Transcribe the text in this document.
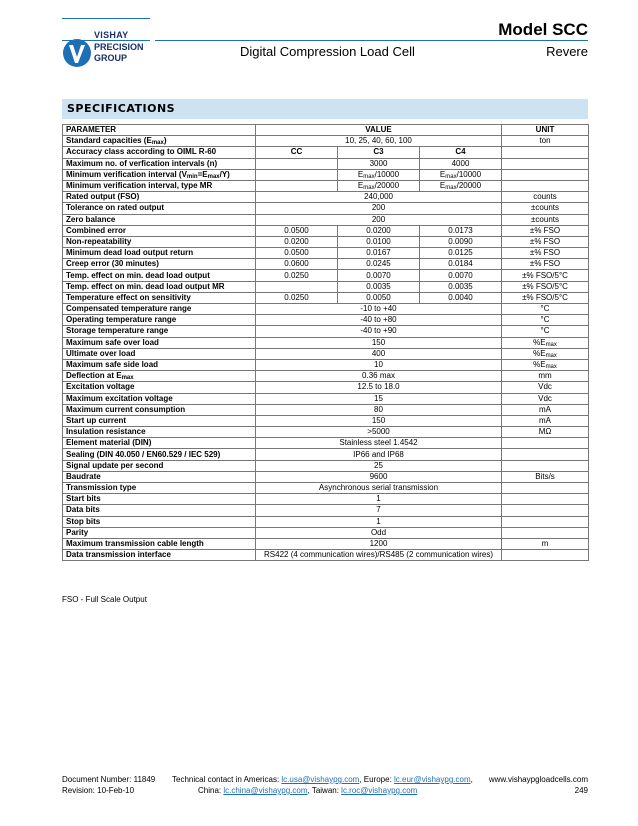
VISHAY
PRECISION
GROUP
Model SCC
Digital Compression Load Cell	Revere
SPECIFICATIONS
PARAMETER	VALUE			UNIT
Standard capacities $(E_{max})$	10, 25, 40, 60, 100			ton
Accuracy class according to OIML R-60	CC	C3	C4	
Maximum no. of verfication intervals (n)		3000	4000	
Minimum verification interval $(V_{min}=E_{max}/Y)$		$E_{max}/10000$	$E_{max}/10000$	
Minimum verification interval, type MR		$E_{max}/20000$	$E_{max}/20000$	
Rated output (FSO)	240,000			counts
Tolerance on rated output	200			±counts
Zero balance	200			±counts
Combined error	0.0500	0.0200	0.0173	±% FSO
Non-repeatability	0.0200	0.0100	0.0090	±% FSO
Minimum dead load output return	0.0500	0.0167	0.0125	±% FSO
Creep error (30 minutes)	0.0600	0.0245	0.0184	±% FSO
Temp. effect on min. dead load output	0.0250	0.0070	0.0070	±% FSO/5°C
Temp. effect on min. dead load output MR		0.0035	0.0035	±% FSO/5°C
Temperature effect on sensitivity	0.0250	0.0050	0.0040	±% FSO/5°C
Compensated temperature range	-10 to +40			°C
Operating temperature range	-40 to +80			°C
Storage temperature range	-40 to +90			°C
Maximum safe over load	150			$\%E_{max}$
Ultimate over load	400			$\%E_{max}$
Maximum safe side load	10			$\%E_{max}$
Deflection at $E_{max}$	0.36 max			mm
Excitation voltage	12.5 to 18.0			Vdc
Maximum excitation voltage	15			Vdc
Maximum current consumption	80			mA
Start up current	150			mA
Insulation resistance	>5000			MΩ
Element material (DIN)	Stainless steel 1.4542			
Sealing (DIN 40.050 / EN60.529 / IEC 529)	IP66 and IP68			
Signal update per second	25			
Baudrate	9600			Bits/s
Transmission type	Asynchronous serial transmission			
Start bits	1			
Data bits	7			
Stop bits	1			
Parity	Odd			
Maximum transmission cable length	1200			m
Data transmission interface	RS422 (4 communication wires)/RS485 (2 communication wires)			
FSO - Full Scale Output
Document Number: 11849 Technical contact in Americas: lc.usa@vishaypg.com, Europe: lc.eur@vishaypg.com, www.vishaypgloadcells.com
Revision: 10-Feb-10	China: lc.china@vishaypg.com, Taiwan: lc.roc@vishaypg.com	249
